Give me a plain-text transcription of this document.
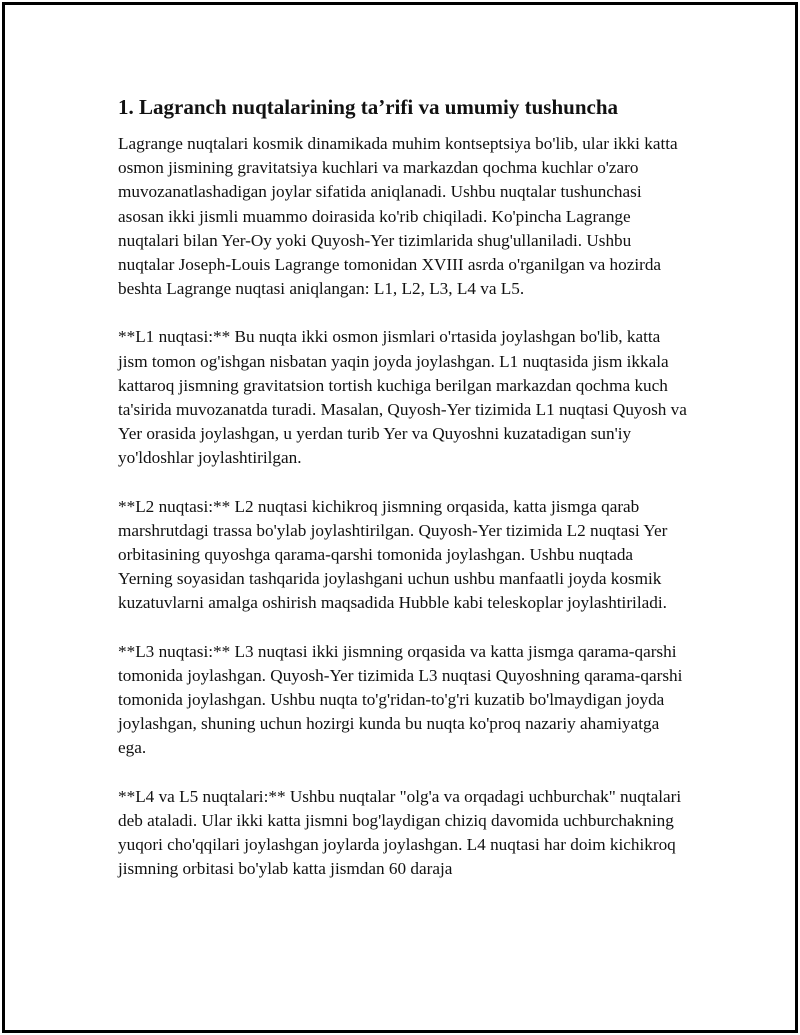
1. Lagranch nuqtalarining ta’rifi va umumiy tushuncha

Lagrange nuqtalari kosmik dinamikada muhim kontseptsiya bo'lib, ular ikki katta osmon jismining gravitatsiya kuchlari va markazdan qochma kuchlar o'zaro muvozanatlashadigan joylar sifatida aniqlanadi. Ushbu nuqtalar tushunchasi asosan ikki jismli muammo doirasida ko'rib chiqiladi. Ko'pincha Lagrange nuqtalari bilan Yer-Oy yoki Quyosh-Yer tizimlarida shug'ullaniladi. Ushbu nuqtalar Joseph-Louis Lagrange tomonidan XVIII asrda o'rganilgan va hozirda beshta Lagrange nuqtasi aniqlangan: L1, L2, L3, L4 va L5.

**L1 nuqtasi:** Bu nuqta ikki osmon jismlari o'rtasida joylashgan bo'lib, katta jism tomon og'ishgan nisbatan yaqin joyda joylashgan. L1 nuqtasida jism ikkala kattaroq jismning gravitatsion tortish kuchiga berilgan markazdan qochma kuch ta'sirida muvozanatda turadi. Masalan, Quyosh-Yer tizimida L1 nuqtasi Quyosh va Yer orasida joylashgan, u yerdan turib Yer va Quyoshni kuzatadigan sun'iy yo'ldoshlar joylashtirilgan.

**L2 nuqtasi:** L2 nuqtasi kichikroq jismning orqasida, katta jismga qarab marshrutdagi trassa bo'ylab joylashtirilgan. Quyosh-Yer tizimida L2 nuqtasi Yer orbitasining quyoshga qarama-qarshi tomonida joylashgan. Ushbu nuqtada Yerning soyasidan tashqarida joylashgani uchun ushbu manfaatli joyda kosmik kuzatuvlarni amalga oshirish maqsadida Hubble kabi teleskoplar joylashtiriladi.

**L3 nuqtasi:** L3 nuqtasi ikki jismning orqasida va katta jismga qarama-qarshi tomonida joylashgan. Quyosh-Yer tizimida L3 nuqtasi Quyoshning qarama-qarshi tomonida joylashgan. Ushbu nuqta to'g'ridan-to'g'ri kuzatib bo'lmaydigan joyda joylashgan, shuning uchun hozirgi kunda bu nuqta ko'proq nazariy ahamiyatga ega.

**L4 va L5 nuqtalari:** Ushbu nuqtalar "olg'a va orqadagi uchburchak" nuqtalari deb ataladi. Ular ikki katta jismni bog'laydigan chiziq davomida uchburchakning yuqori cho'qqilari joylashgan joylarda joylashgan. L4 nuqtasi har doim kichikroq jismning orbitasi bo'ylab katta jismdan 60 daraja
